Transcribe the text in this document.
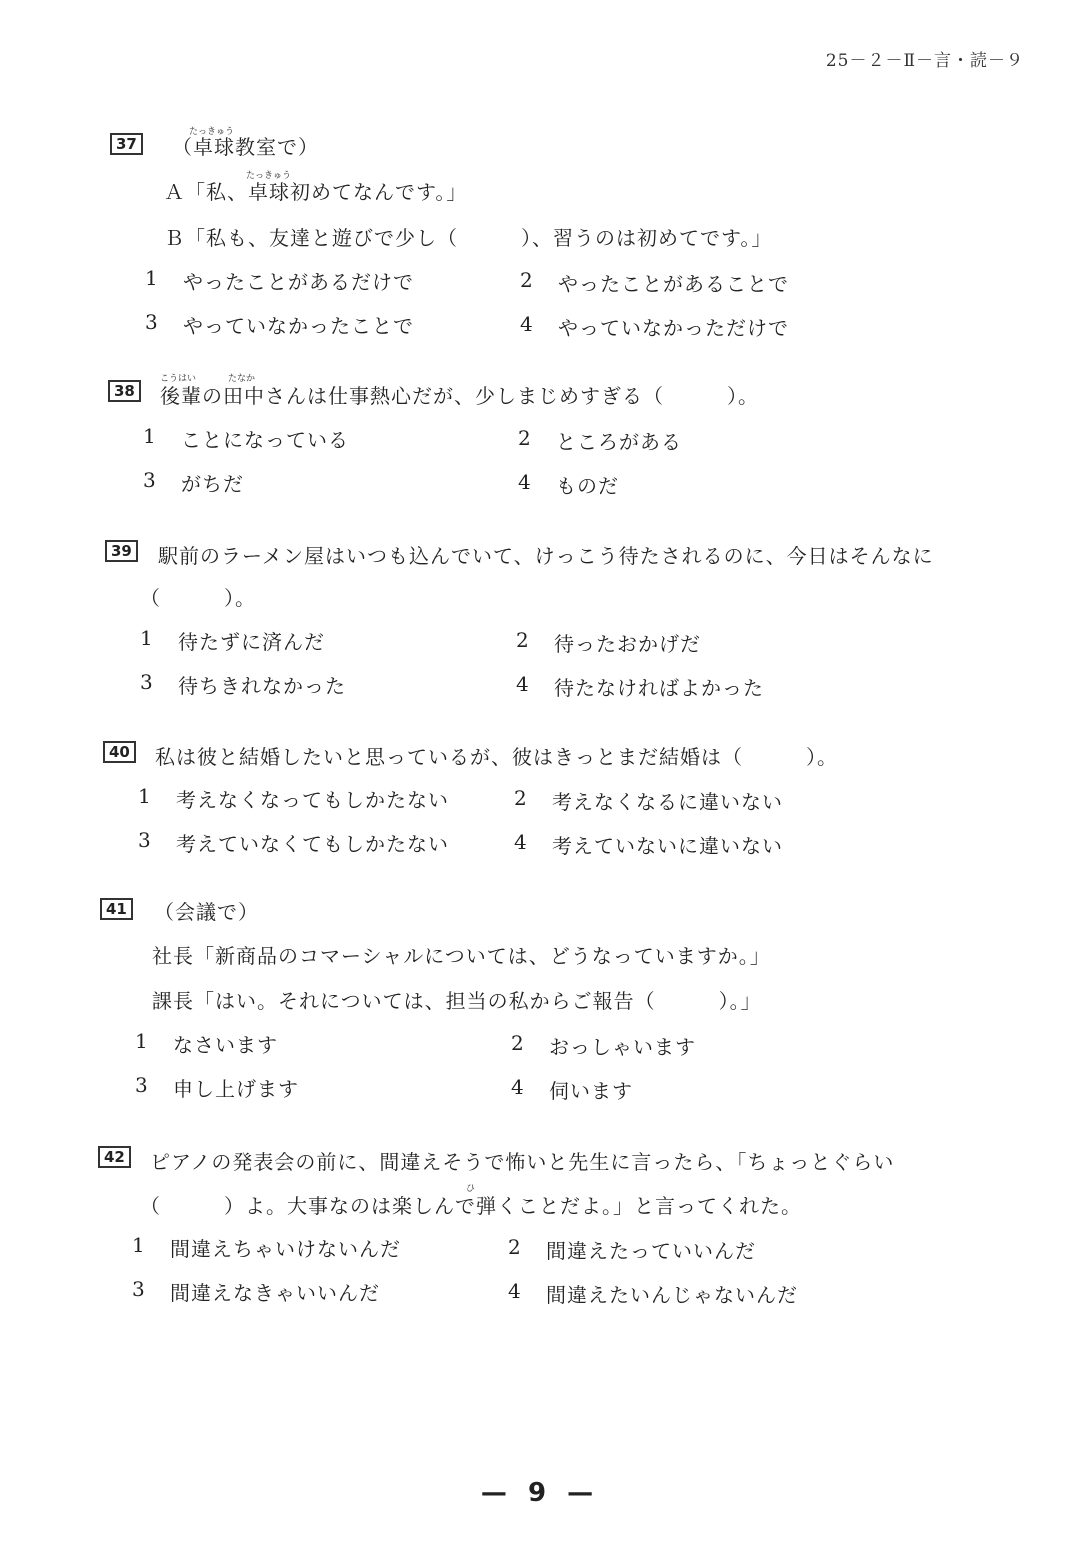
25－２－Ⅱ－言・読－９
37
たっきゅう
（卓球教室で）
たっきゅう
Ａ「私、卓球初めてなんです。」
Ｂ「私も、友達と遊びで少し（　　　）、習うのは初めてです。」
1 やったことがあるだけで	2 やったことがあることで
3 やっていなかったことで	4 やっていなかっただけで
38
こうはい	たなか
後輩の田中さんは仕事熱心だが、少しまじめすぎる（　　　）。
1 ことになっている	2 ところがある
3 がちだ	4 ものだ
39	駅前のラーメン屋はいつも込んでいて、けっこう待たされるのに、今日はそんなに
（　　　）。
1 待たずに済んだ	2 待ったおかげだ
3 待ちきれなかった	4 待たなければよかった
40	私は彼と結婚したいと思っているが、彼はきっとまだ結婚は（　　　）。
1 考えなくなってもしかたない	2 考えなくなるに違いない
3 考えていなくてもしかたない	4 考えていないに違いない
41	（会議で）
社長「新商品のコマーシャルについては、どうなっていますか。」
課長「はい。それについては、担当の私からご報告（　　　）。」
1 なさいます	2 おっしゃいます
3 申し上げます	4 伺います
42	ピアノの発表会の前に、間違えそうで怖いと先生に言ったら、「ちょっとぐらい
ひ
（　　　）よ。大事なのは楽しんで弾くことだよ。」と言ってくれた。
1 間違えちゃいけないんだ	2 間違えたっていいんだ
3 間違えなきゃいいんだ	4 間違えたいんじゃないんだ
— 9 —
